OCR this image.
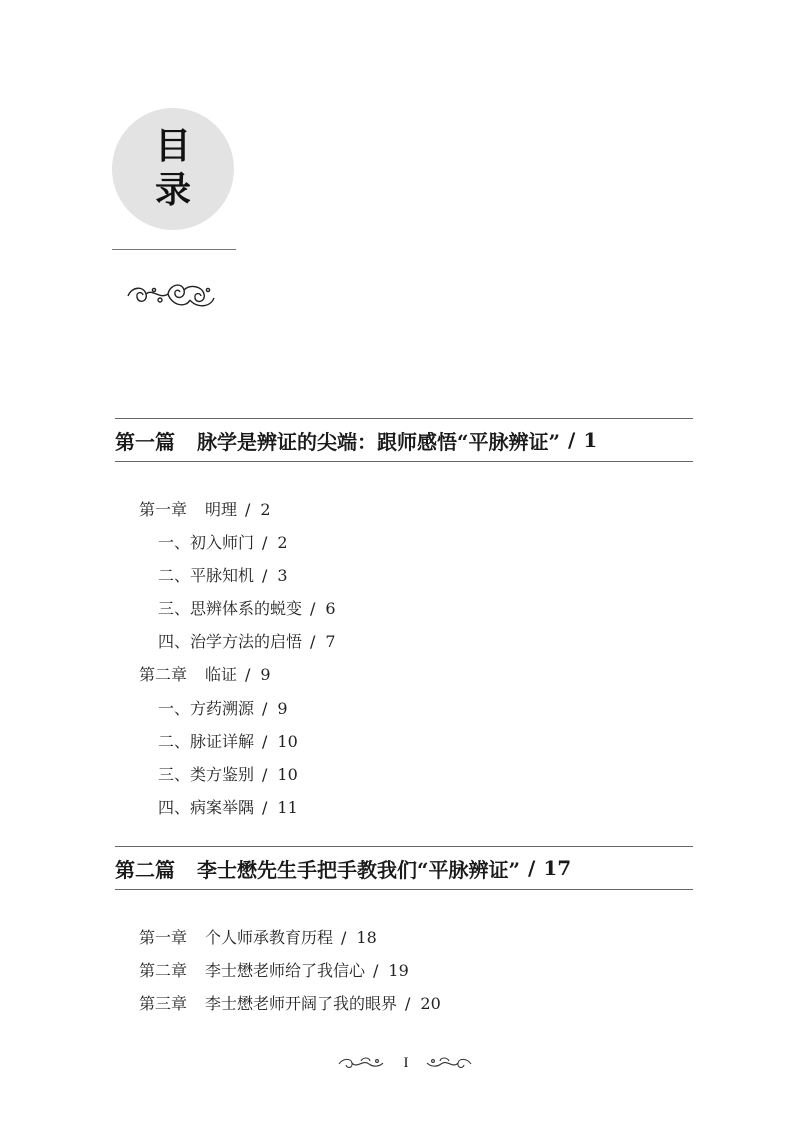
目
录
第一篇 脉学是辨证的尖端：跟师感悟“平脉辨证” / 1
第一章 明理 / 2
一、初入师门 / 2
二、平脉知机 / 3
三、思辨体系的蜕变 / 6
四、治学方法的启悟 / 7
第二章 临证 / 9
一、方药溯源 / 9
二、脉证详解 / 10
三、类方鉴别 / 10
四、病案举隅 / 11
第二篇 李士懋先生手把手教我们“平脉辨证” / 17
第一章 个人师承教育历程 / 18
第二章 李士懋老师给了我信心 / 19
第三章 李士懋老师开阔了我的眼界 / 20
I
